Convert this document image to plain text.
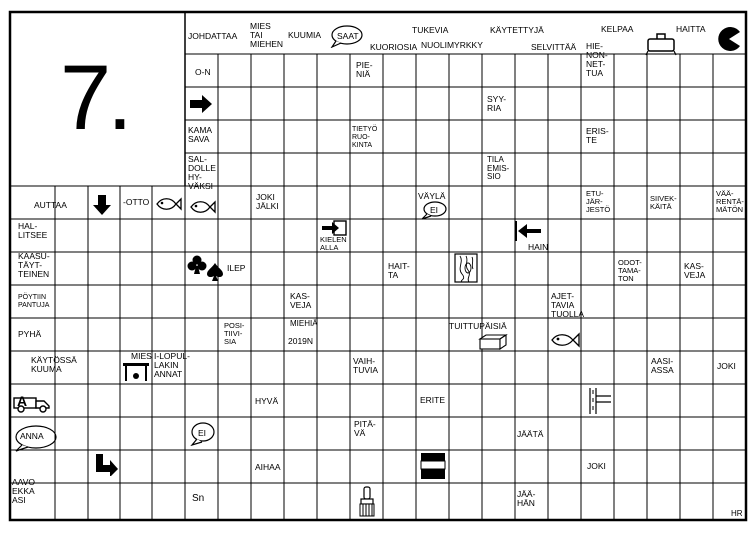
7.
Sn
HR
JOHDATTAA
MIES
TAI
MIEHEN
KUUMIA SAAT
KUORIOSIA
TUKEVIA
NUOLIMYRKKY
KÄYTETTYJÄ
SELVITTÄÄ
KELPAA	HAITTA
HIE-
NON-
NET-
TUA
O-N
PIE-
NIÄ
SYY-
RIA
KAMA
SAVA
TIETYÖ
RUO-
KINTA
ERIS-
TE
SAL-
DOLLE
HY-
VÄKSI
TILA
EMIS-
SIO
AUTTAA	-OTTO	JOKI
JÄLKI
VÄYLÄ
EI
ETU-
JÄR-
JESTÖ
SIIVEK-
KÄITÄ
VÄÄ-
RENTÄ-
MÄTÖN
HAL-
LITSEE	KIELEN
ALLA	HAIN
KAASU-
TÄYT-
TEINEN
ILEP	HAIT-
TA
ODOT-
TAMA-
TON
KAS-
VEJA
PÖYTIIN
PANTUJA
KAS-
VEJA
AJET-
TAVIA
TUOLLA
PYHÄ
POSI-
TIIVI-
SIA
MIEHIÄ
2019N
TUITTUPÄISIÄ
KÄYTÖSSÄ
KUUMA
MIES I-LOPUL-
LAKIN
ANNAT
VAIH-
TUVIA
AASI-
ASSA	JOKI
HYVÄ	ERITE
ANNA	EI
PITÄ-
VÄ	JÄÄTÄ
AIHAA	JOKI
AAVO
EKKA
ASI
JÄÄ-
HÄN
A
